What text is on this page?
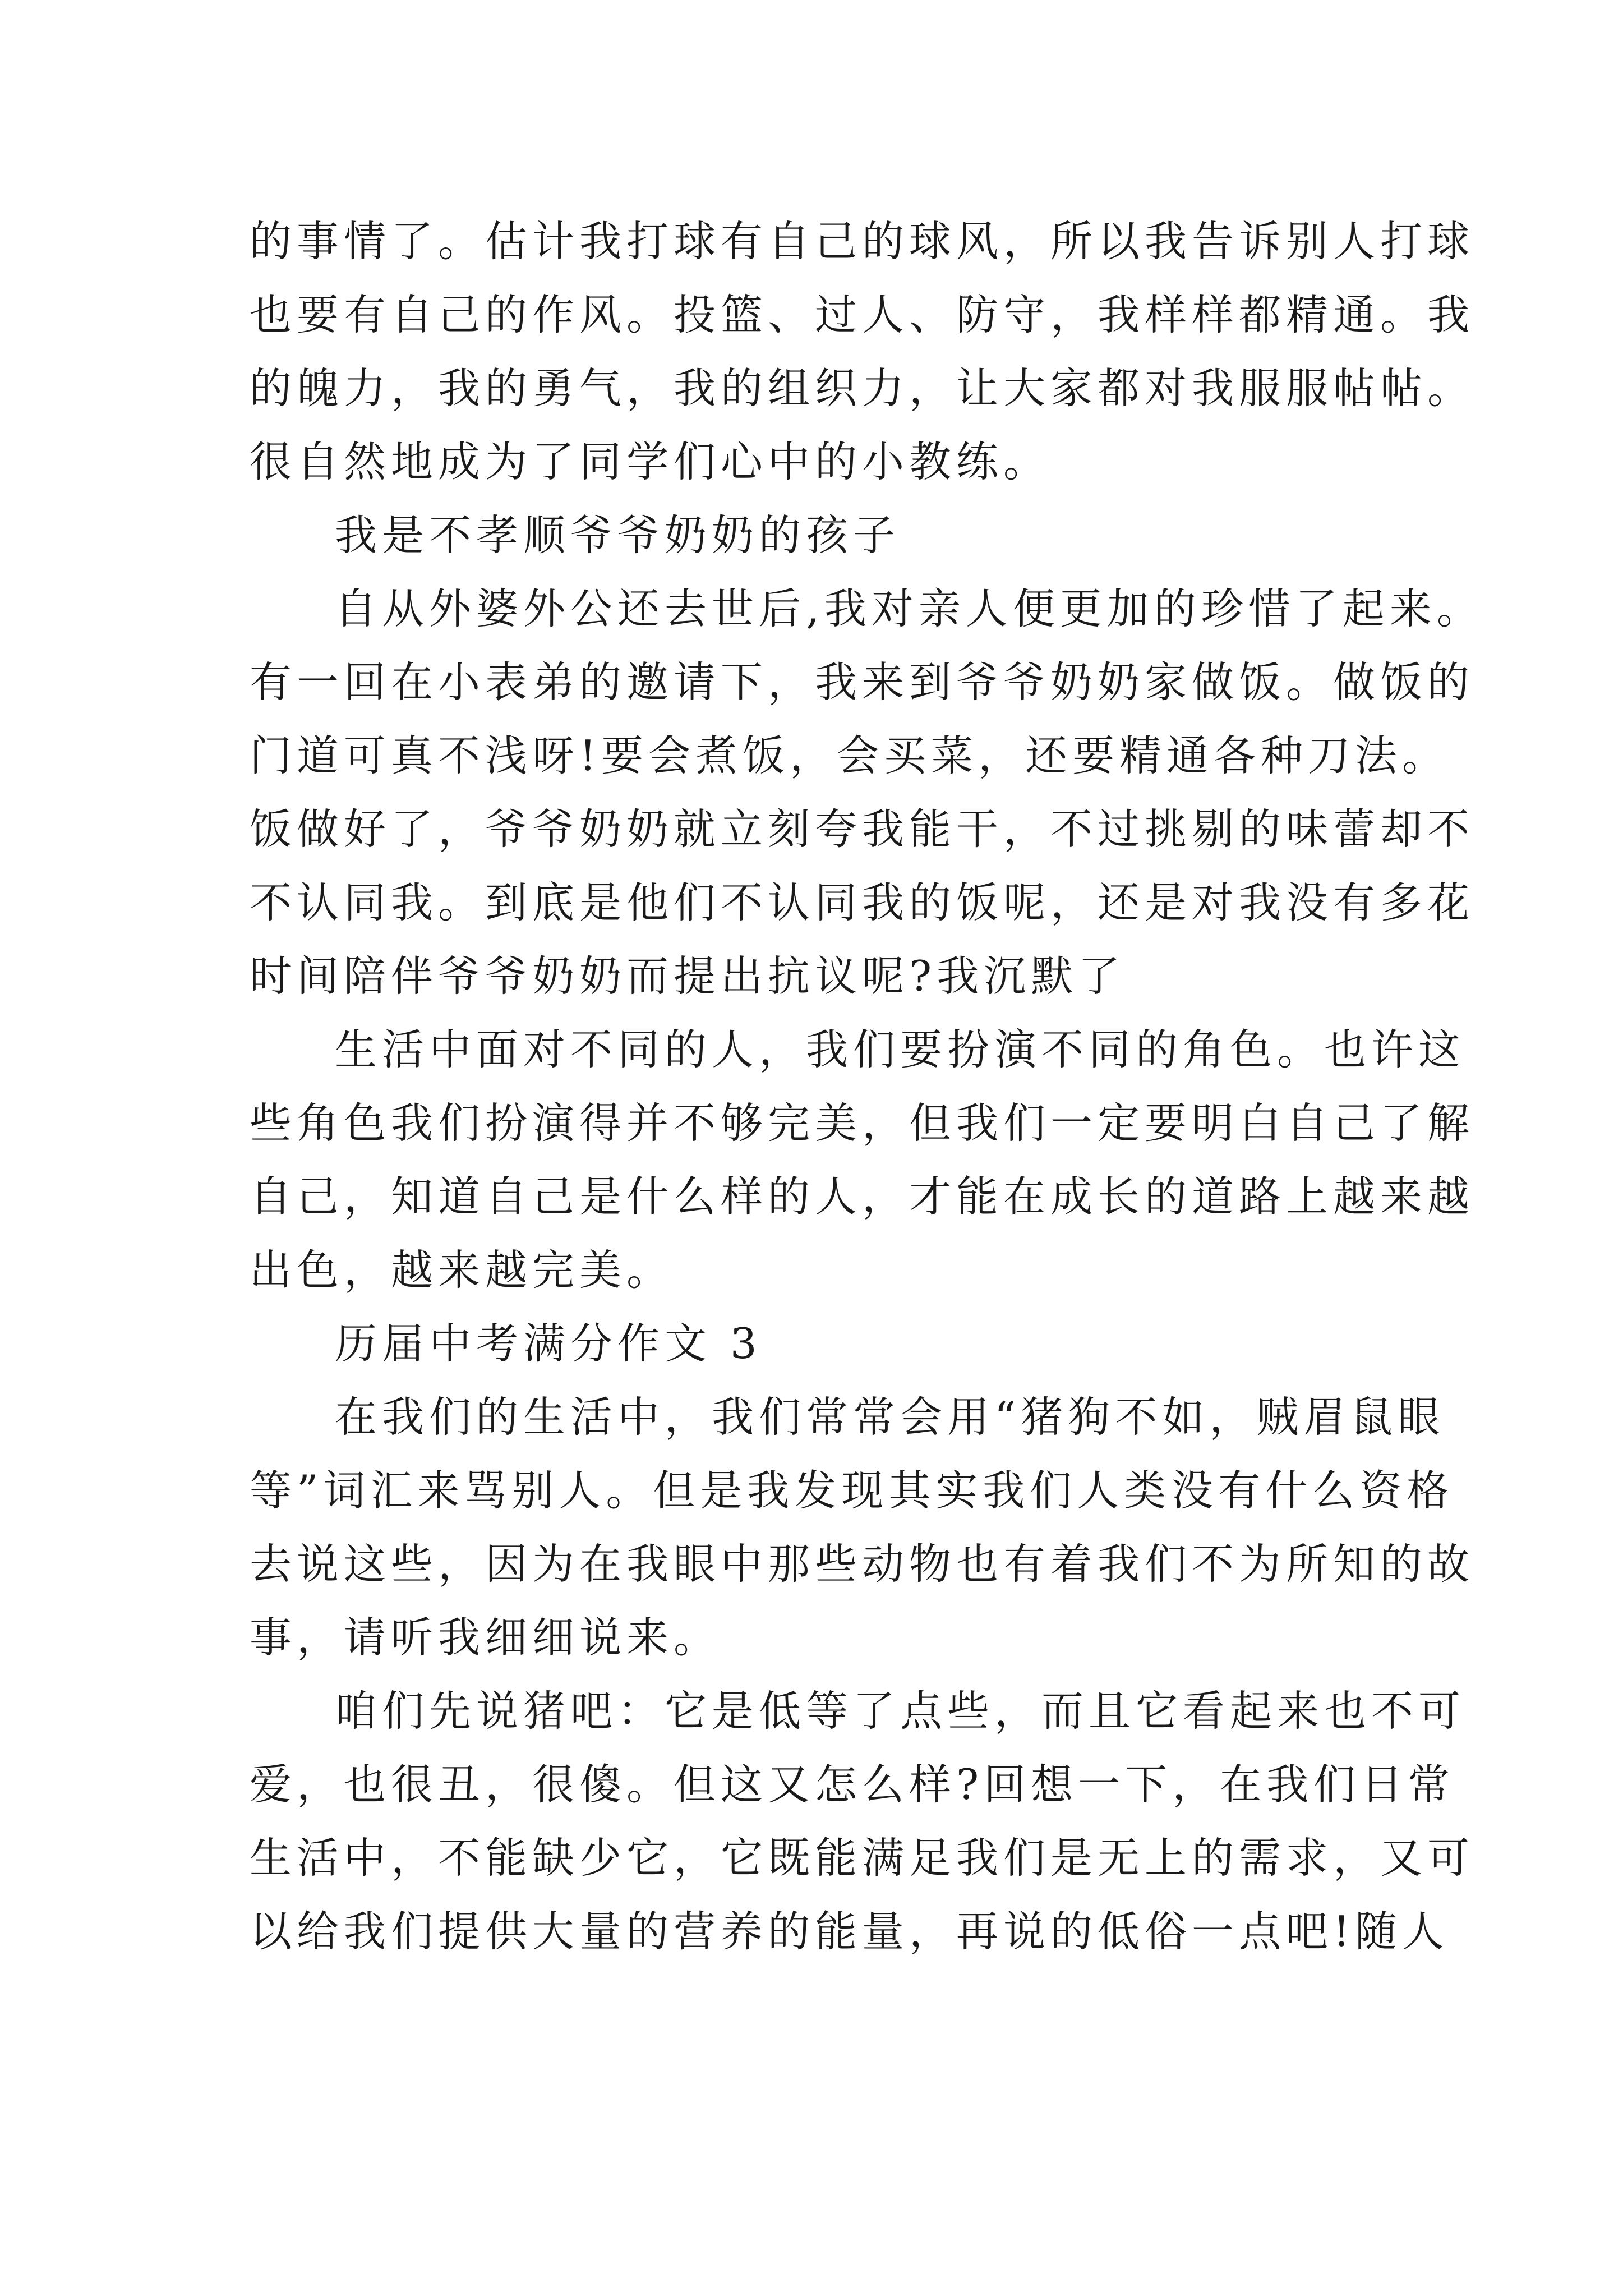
的事情了。估计我打球有自己的球风，所以我告诉别人打球
也要有自己的作风。投篮、过人、防守，我样样都精通。我
的魄力，我的勇气，我的组织力，让大家都对我服服帖帖。
很自然地成为了同学们心中的小教练。
我是不孝顺爷爷奶奶的孩子
自从外婆外公还去世后,我对亲人便更加的珍惜了起来。
有一回在小表弟的邀请下，我来到爷爷奶奶家做饭。做饭的
门道可真不浅呀!要会煮饭，会买菜，还要精通各种刀法。
饭做好了，爷爷奶奶就立刻夸我能干，不过挑剔的味蕾却不
不认同我。到底是他们不认同我的饭呢，还是对我没有多花
时间陪伴爷爷奶奶而提出抗议呢?我沉默了
生活中面对不同的人，我们要扮演不同的角色。也许这
些角色我们扮演得并不够完美，但我们一定要明白自己了解
自己，知道自己是什么样的人，才能在成长的道路上越来越
出色，越来越完美。
历届中考满分作文 3
在我们的生活中，我们常常会用“猪狗不如，贼眉鼠眼
等”词汇来骂别人。但是我发现其实我们人类没有什么资格
去说这些，因为在我眼中那些动物也有着我们不为所知的故
事，请听我细细说来。
咱们先说猪吧：它是低等了点些，而且它看起来也不可
爱，也很丑，很傻。但这又怎么样?回想一下，在我们日常
生活中，不能缺少它，它既能满足我们是无上的需求，又可
以给我们提供大量的营养的能量，再说的低俗一点吧!随人
